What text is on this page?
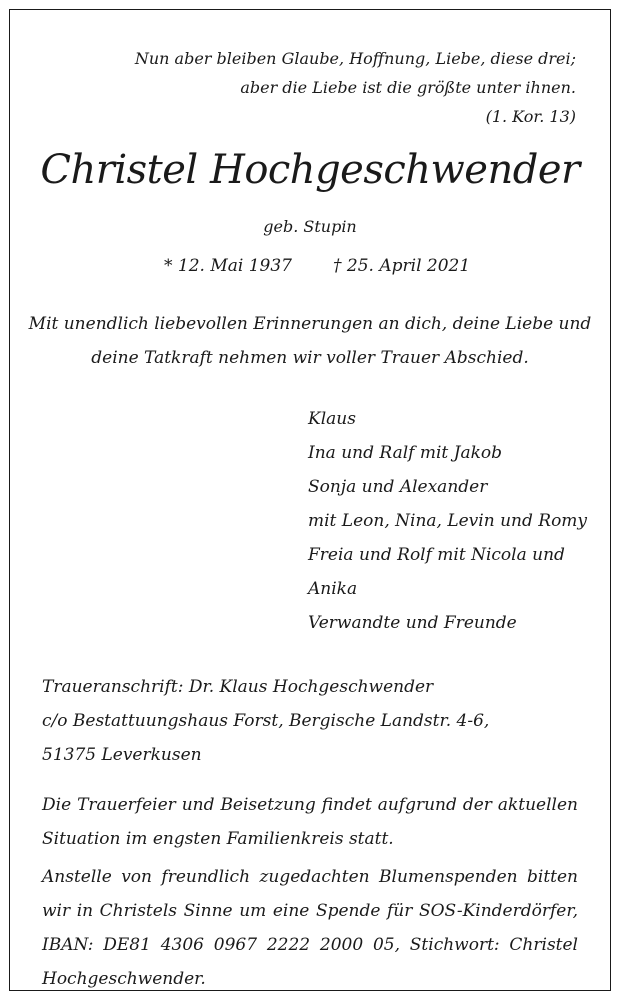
Nun aber bleiben Glaube, Hoffnung, Liebe, diese drei;
aber die Liebe ist die größte unter ihnen.
(1. Kor. 13)
Christel Hochgeschwender
geb. Stupin
* 12. Mai 1937 † 25. April 2021
Mit unendlich liebevollen Erinnerungen an dich, deine Liebe und
deine Tatkraft nehmen wir voller Trauer Abschied.
Klaus
Ina und Ralf mit Jakob
Sonja und Alexander
mit Leon, Nina, Levin und Romy
Freia und Rolf mit Nicola und
Anika
Verwandte und Freunde
Traueranschrift: Dr. Klaus Hochgeschwender
c/o Bestattuungshaus Forst, Bergische Landstr. 4-6,
51375 Leverkusen
Die Trauerfeier und Beisetzung findet aufgrund der aktuellen Situation im engsten Familienkreis statt.
Anstelle von freundlich zugedachten Blumenspenden bitten wir in Christels Sinne um eine Spende für SOS-Kinderdörfer, IBAN: DE81 4306 0967 2222 2000 05, Stichwort: Christel Hochgeschwender.
